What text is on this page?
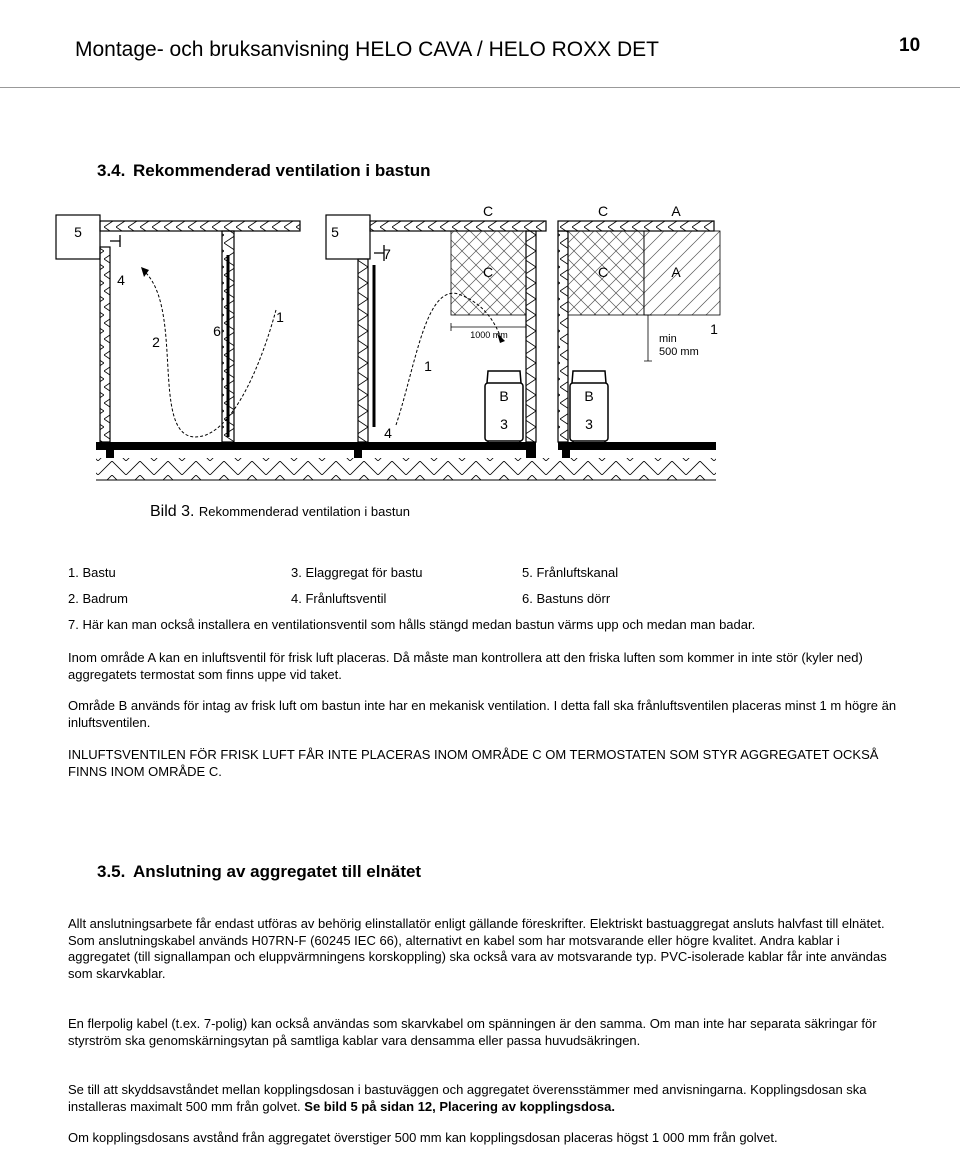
Montage- och bruksanvisning HELO CAVA / HELO ROXX DET	10
3.4. Rekommenderad ventilation i bastun
5
4
2
6
1
5
7
1
4
C
C
1000 mm
B
3
C	A
C	A
1
min
500 mm
B
3
Bild 3. Rekommenderad ventilation i bastun
1. Bastu	3. Elaggregat för bastu	5. Frånluftskanal
2. Badrum	4. Frånluftsventil	6. Bastuns dörr
7. Här kan man också installera en ventilationsventil som hålls stängd medan bastun värms upp och medan man badar.
Inom område A kan en inluftsventil för frisk luft placeras. Då måste man kontrollera att den friska luften som kommer in inte stör (kyler ned) aggregatets termostat som finns uppe vid taket.
Område B används för intag av frisk luft om bastun inte har en mekanisk ventilation. I detta fall ska frånluftsventilen placeras minst 1 m högre än inluftsventilen.
INLUFTSVENTILEN FÖR FRISK LUFT FÅR INTE PLACERAS INOM OMRÅDE C OM TERMOSTATEN SOM STYR AGGREGATET OCKSÅ FINNS INOM OMRÅDE C.
3.5. Anslutning av aggregatet till elnätet
Allt anslutningsarbete får endast utföras av behörig elinstallatör enligt gällande föreskrifter. Elektriskt bastuaggregat ansluts halvfast till elnätet. Som anslutningskabel används H07RN-F (60245 IEC 66), alternativt en kabel som har motsvarande eller högre kvalitet. Andra kablar i aggregatet (till signallampan och eluppvärmningens korskoppling) ska också vara av motsvarande typ. PVC-isolerade kablar får inte användas som skarvkablar.
En flerpolig kabel (t.ex. 7-polig) kan också användas som skarvkabel om spänningen är den samma. Om man inte har separata säkringar för styrström ska genomskärningsytan på samtliga kablar vara densamma eller passa huvudsäkringen.
Se till att skyddsavståndet mellan kopplingsdosan i bastuväggen och aggregatet överensstämmer med anvisningarna. Kopplingsdosan ska installeras maximalt 500 mm från golvet. Se bild 5 på sidan 12, Placering av kopplingsdosa.
Om kopplingsdosans avstånd från aggregatet överstiger 500 mm kan kopplingsdosan placeras högst 1 000 mm från golvet.
